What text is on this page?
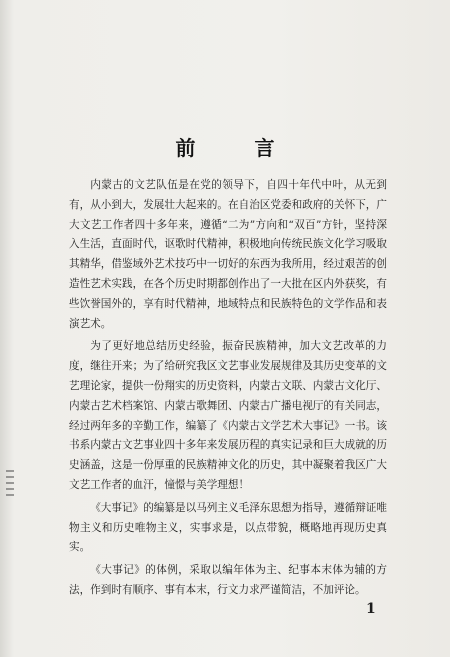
前 言

内蒙古的文艺队伍是在党的领导下，自四十年代中叶，从无到有，从小到大，发展壮大起来的。在自治区党委和政府的关怀下，广大文艺工作者四十多年来，遵循“二为”方向和“双百”方针，坚持深入生活，直面时代，讴歌时代精神，积极地向传统民族文化学习吸取其精华，借鉴域外艺术技巧中一切好的东西为我所用，经过艰苦的创造性艺术实践，在各个历史时期都创作出了一大批在区内外获奖，有些饮誉国外的，享有时代精神，地域特点和民族特色的文学作品和表演艺术。

为了更好地总结历史经验，振奋民族精神，加大文艺改革的力度，继往开来；为了给研究我区文艺事业发展规律及其历史变革的文艺理论家，提供一份翔实的历史资料，内蒙古文联、内蒙古文化厅、内蒙古艺术档案馆、内蒙古歌舞团、内蒙古广播电视厅的有关同志，经过两年多的辛勤工作，编纂了《内蒙古文学艺术大事记》一书。该书系内蒙古文艺事业四十多年来发展历程的真实记录和巨大成就的历史涵盖，这是一份厚重的民族精神文化的历史，其中凝聚着我区广大文艺工作者的血汗，憧憬与美学理想！

《大事记》的编纂是以马列主义毛泽东思想为指导，遵循辩证唯物主义和历史唯物主义，实事求是，以点带貌，概略地再现历史真实。

《大事记》的体例，采取以编年体为主、纪事本末体为辅的方法，作到时有顺序、事有本末，行文力求严谨简洁，不加评论。

1
